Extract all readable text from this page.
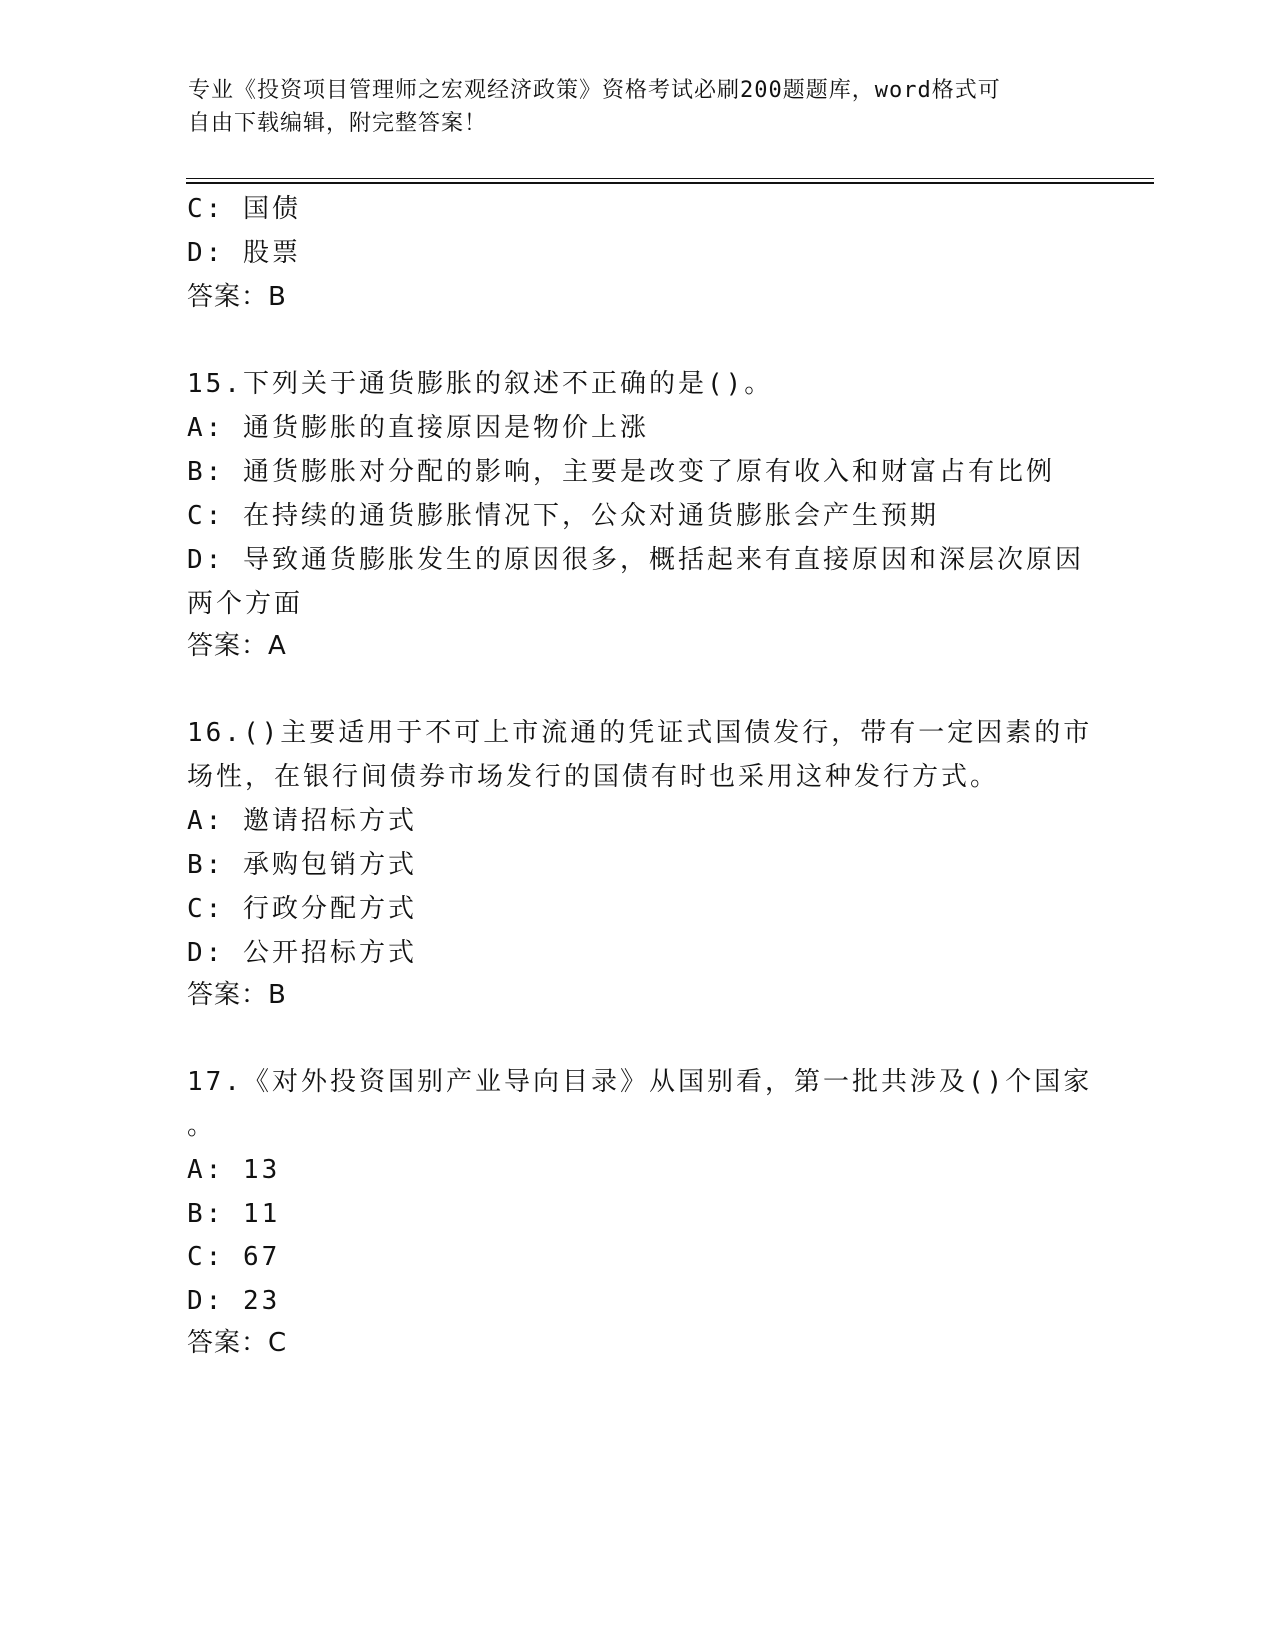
专业《投资项目管理师之宏观经济政策》资格考试必刷200题题库，word格式可
自由下载编辑，附完整答案！
C: 国债
D: 股票
答案：B
15.下列关于通货膨胀的叙述不正确的是()。
A: 通货膨胀的直接原因是物价上涨
B: 通货膨胀对分配的影响，主要是改变了原有收入和财富占有比例
C: 在持续的通货膨胀情况下，公众对通货膨胀会产生预期
D: 导致通货膨胀发生的原因很多，概括起来有直接原因和深层次原因
两个方面
答案：A
16.()主要适用于不可上市流通的凭证式国债发行，带有一定因素的市
场性，在银行间债券市场发行的国债有时也采用这种发行方式。
A: 邀请招标方式
B: 承购包销方式
C: 行政分配方式
D: 公开招标方式
答案：B
17.《对外投资国别产业导向目录》从国别看，第一批共涉及()个国家
。
A: 13
B: 11
C: 67
D: 23
答案：C
